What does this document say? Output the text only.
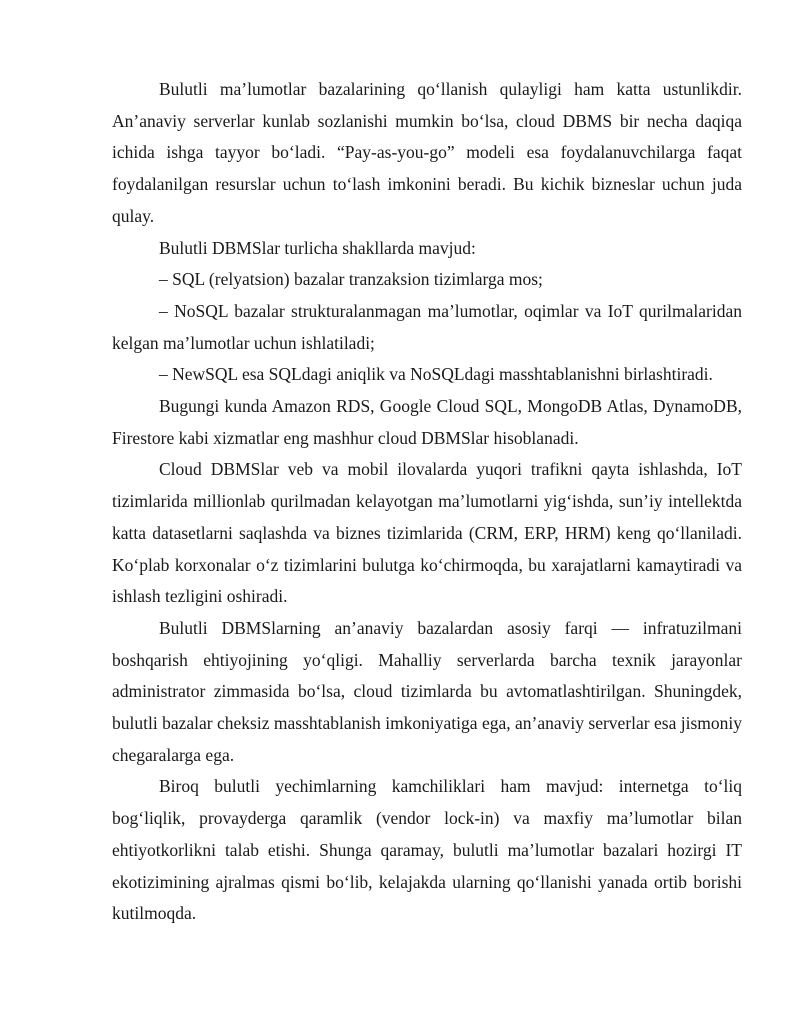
Bulutli ma’lumotlar bazalarining qo‘llanish qulayligi ham katta ustunlikdir. An’anaviy serverlar kunlab sozlanishi mumkin bo‘lsa, cloud DBMS bir necha daqiqa ichida ishga tayyor bo‘ladi. “Pay-as-you-go” modeli esa foydalanuvchilarga faqat foydalanilgan resurslar uchun to‘lash imkonini beradi. Bu kichik bizneslar uchun juda qulay.

Bulutli DBMSlar turlicha shakllarda mavjud:

– SQL (relyatsion) bazalar tranzaksion tizimlarga mos;

– NoSQL bazalar strukturalanmagan ma’lumotlar, oqimlar va IoT qurilmalaridan kelgan ma’lumotlar uchun ishlatiladi;

– NewSQL esa SQLdagi aniqlik va NoSQLdagi masshtablanishni birlashtiradi.

Bugungi kunda Amazon RDS, Google Cloud SQL, MongoDB Atlas, DynamoDB, Firestore kabi xizmatlar eng mashhur cloud DBMSlar hisoblanadi.

Cloud DBMSlar veb va mobil ilovalarda yuqori trafikni qayta ishlashda, IoT tizimlarida millionlab qurilmadan kelayotgan ma’lumotlarni yig‘ishda, sun’iy intellektda katta datasetlarni saqlashda va biznes tizimlarida (CRM, ERP, HRM) keng qo‘llaniladi. Ko‘plab korxonalar o‘z tizimlarini bulutga ko‘chirmoqda, bu xarajatlarni kamaytiradi va ishlash tezligini oshiradi.

Bulutli DBMSlarning an’anaviy bazalardan asosiy farqi — infratuzilmani boshqarish ehtiyojining yo‘qligi. Mahalliy serverlarda barcha texnik jarayonlar administrator zimmasida bo‘lsa, cloud tizimlarda bu avtomatlashtirilgan. Shuningdek, bulutli bazalar cheksiz masshtablanish imkoniyatiga ega, an’anaviy serverlar esa jismoniy chegaralarga ega.

Biroq bulutli yechimlarning kamchiliklari ham mavjud: internetga to‘liq bog‘liqlik, provayderga qaramlik (vendor lock-in) va maxfiy ma’lumotlar bilan ehtiyotkorlikni talab etishi. Shunga qaramay, bulutli ma’lumotlar bazalari hozirgi IT ekotizimining ajralmas qismi bo‘lib, kelajakda ularning qo‘llanishi yanada ortib borishi kutilmoqda.
